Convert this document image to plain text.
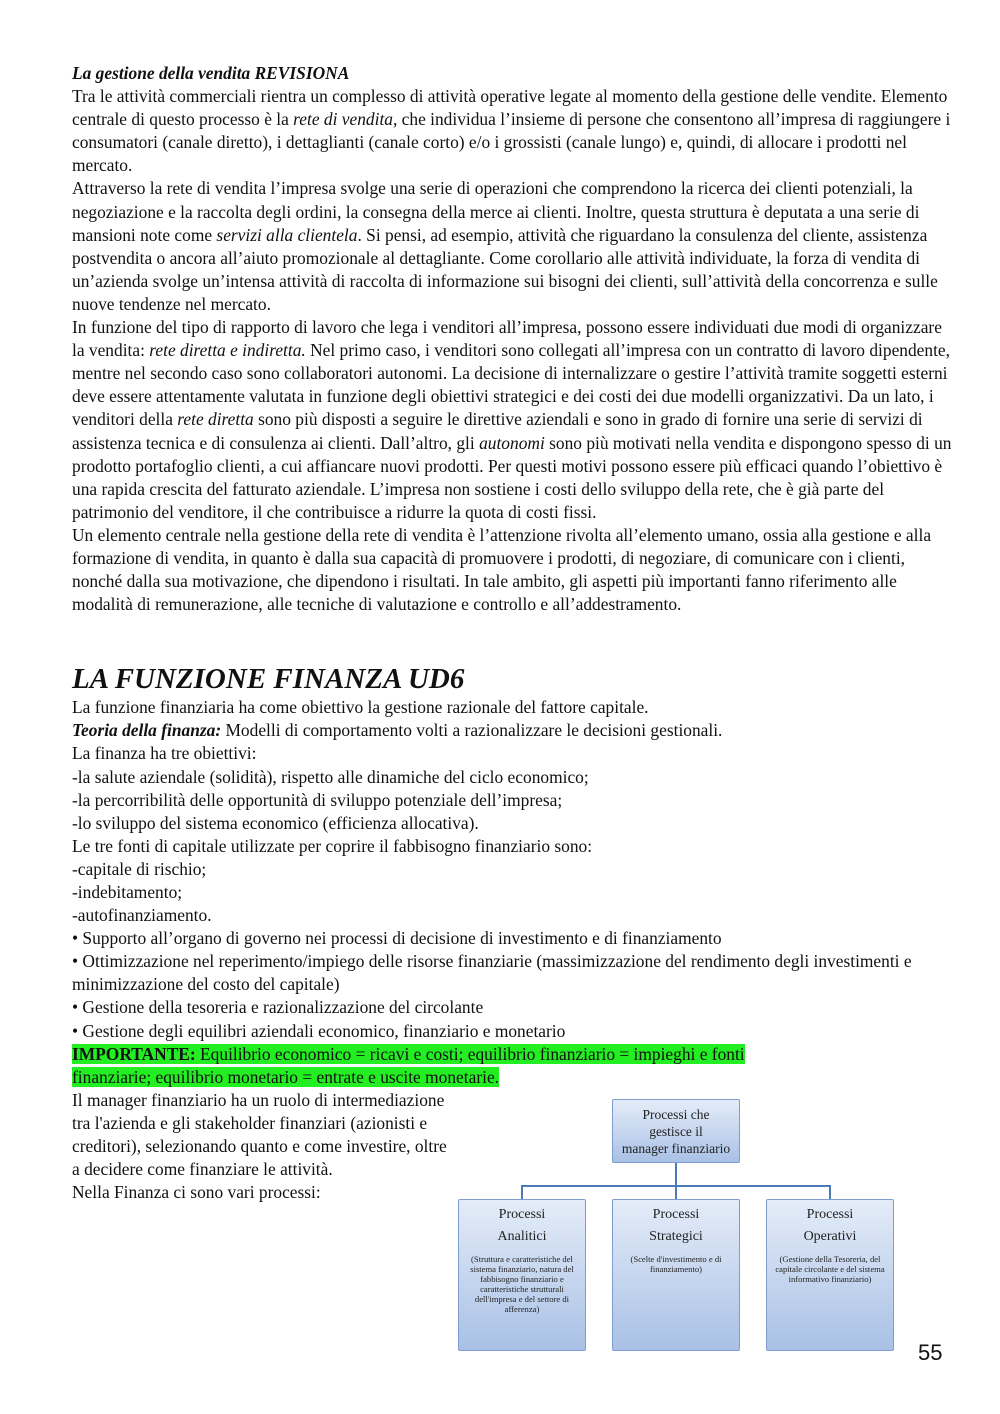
La gestione della vendita REVISIONA

Tra le attività commerciali rientra un complesso di attività operative legate al momento della gestione delle vendite. Elemento centrale di questo processo è la rete di vendita, che individua l’insieme di persone che consentono all’impresa di raggiungere i consumatori (canale diretto), i dettaglianti (canale corto) e/o i grossisti (canale lungo) e, quindi, di allocare i prodotti nel mercato.

Attraverso la rete di vendita l’impresa svolge una serie di operazioni che comprendono la ricerca dei clienti potenziali, la negoziazione e la raccolta degli ordini, la consegna della merce ai clienti. Inoltre, questa struttura è deputata a una serie di mansioni note come servizi alla clientela. Si pensi, ad esempio, attività che riguardano la consulenza del cliente, assistenza postvendita o ancora all’aiuto promozionale al dettagliante. Come corollario alle attività individuate, la forza di vendita di un’azienda svolge un’intensa attività di raccolta di informazione sui bisogni dei clienti, sull’attività della concorrenza e sulle nuove tendenze nel mercato.

In funzione del tipo di rapporto di lavoro che lega i venditori all’impresa, possono essere individuati due modi di organizzare la vendita: rete diretta e indiretta. Nel primo caso, i venditori sono collegati all’impresa con un contratto di lavoro dipendente, mentre nel secondo caso sono collaboratori autonomi. La decisione di internalizzare o gestire l’attività tramite soggetti esterni deve essere attentamente valutata in funzione degli obiettivi strategici e dei costi dei due modelli organizzativi. Da un lato, i venditori della rete diretta sono più disposti a seguire le direttive aziendali e sono in grado di fornire una serie di servizi di assistenza tecnica e di consulenza ai clienti. Dall’altro, gli autonomi sono più motivati nella vendita e dispongono spesso di un prodotto portafoglio clienti, a cui affiancare nuovi prodotti. Per questi motivi possono essere più efficaci quando l’obiettivo è una rapida crescita del fatturato aziendale. L’impresa non sostiene i costi dello sviluppo della rete, che è già parte del patrimonio del venditore, il che contribuisce a ridurre la quota di costi fissi.

Un elemento centrale nella gestione della rete di vendita è l’attenzione rivolta all’elemento umano, ossia alla gestione e alla formazione di vendita, in quanto è dalla sua capacità di promuovere i prodotti, di negoziare, di comunicare con i clienti, nonché dalla sua motivazione, che dipendono i risultati. In tale ambito, gli aspetti più importanti fanno riferimento alle modalità di remunerazione, alle tecniche di valutazione e controllo e all’addestramento.

LA FUNZIONE FINANZA UD6

La funzione finanziaria ha come obiettivo la gestione razionale del fattore capitale.

Teoria della finanza: Modelli di comportamento volti a razionalizzare le decisioni gestionali.

La finanza ha tre obiettivi:

-la salute aziendale (solidità), rispetto alle dinamiche del ciclo economico;

-la percorribilità delle opportunità di sviluppo potenziale dell’impresa;

-lo sviluppo del sistema economico (efficienza allocativa).

Le tre fonti di capitale utilizzate per coprire il fabbisogno finanziario sono:

-capitale di rischio;

-indebitamento;

-autofinanziamento.

• Supporto all’organo di governo nei processi di decisione di investimento e di finanziamento

• Ottimizzazione nel reperimento/impiego delle risorse finanziarie (massimizzazione del rendimento degli investimenti e minimizzazione del costo del capitale)

• Gestione della tesoreria e razionalizzazione del circolante

• Gestione degli equilibri aziendali economico, finanziario e monetario

IMPORTANTE: Equilibrio economico = ricavi e costi; equilibrio finanziario = impieghi e fonti
finanziarie; equilibrio monetario = entrate e uscite monetarie.

Il manager finanziario ha un ruolo di intermediazione tra l'azienda e gli stakeholder finanziari (azionisti e creditori), selezionando quanto e come investire, oltre a decidere come finanziare le attività.

Nella Finanza ci sono vari processi:

Processi che
gestisce il
manager finanziario
Processi
Analitici
(Struttura e caratteristiche del sistema finanziario, natura del fabbisogno finanziario e caratteristiche strutturali dell'impresa e del settore di afferenza)
Processi
Strategici
(Scelte d'investimento e di finanziamento)
Processi
Operativi
(Gestione della Tesoreria, del capitale circolante e del sistema informativo finanziario)
55
